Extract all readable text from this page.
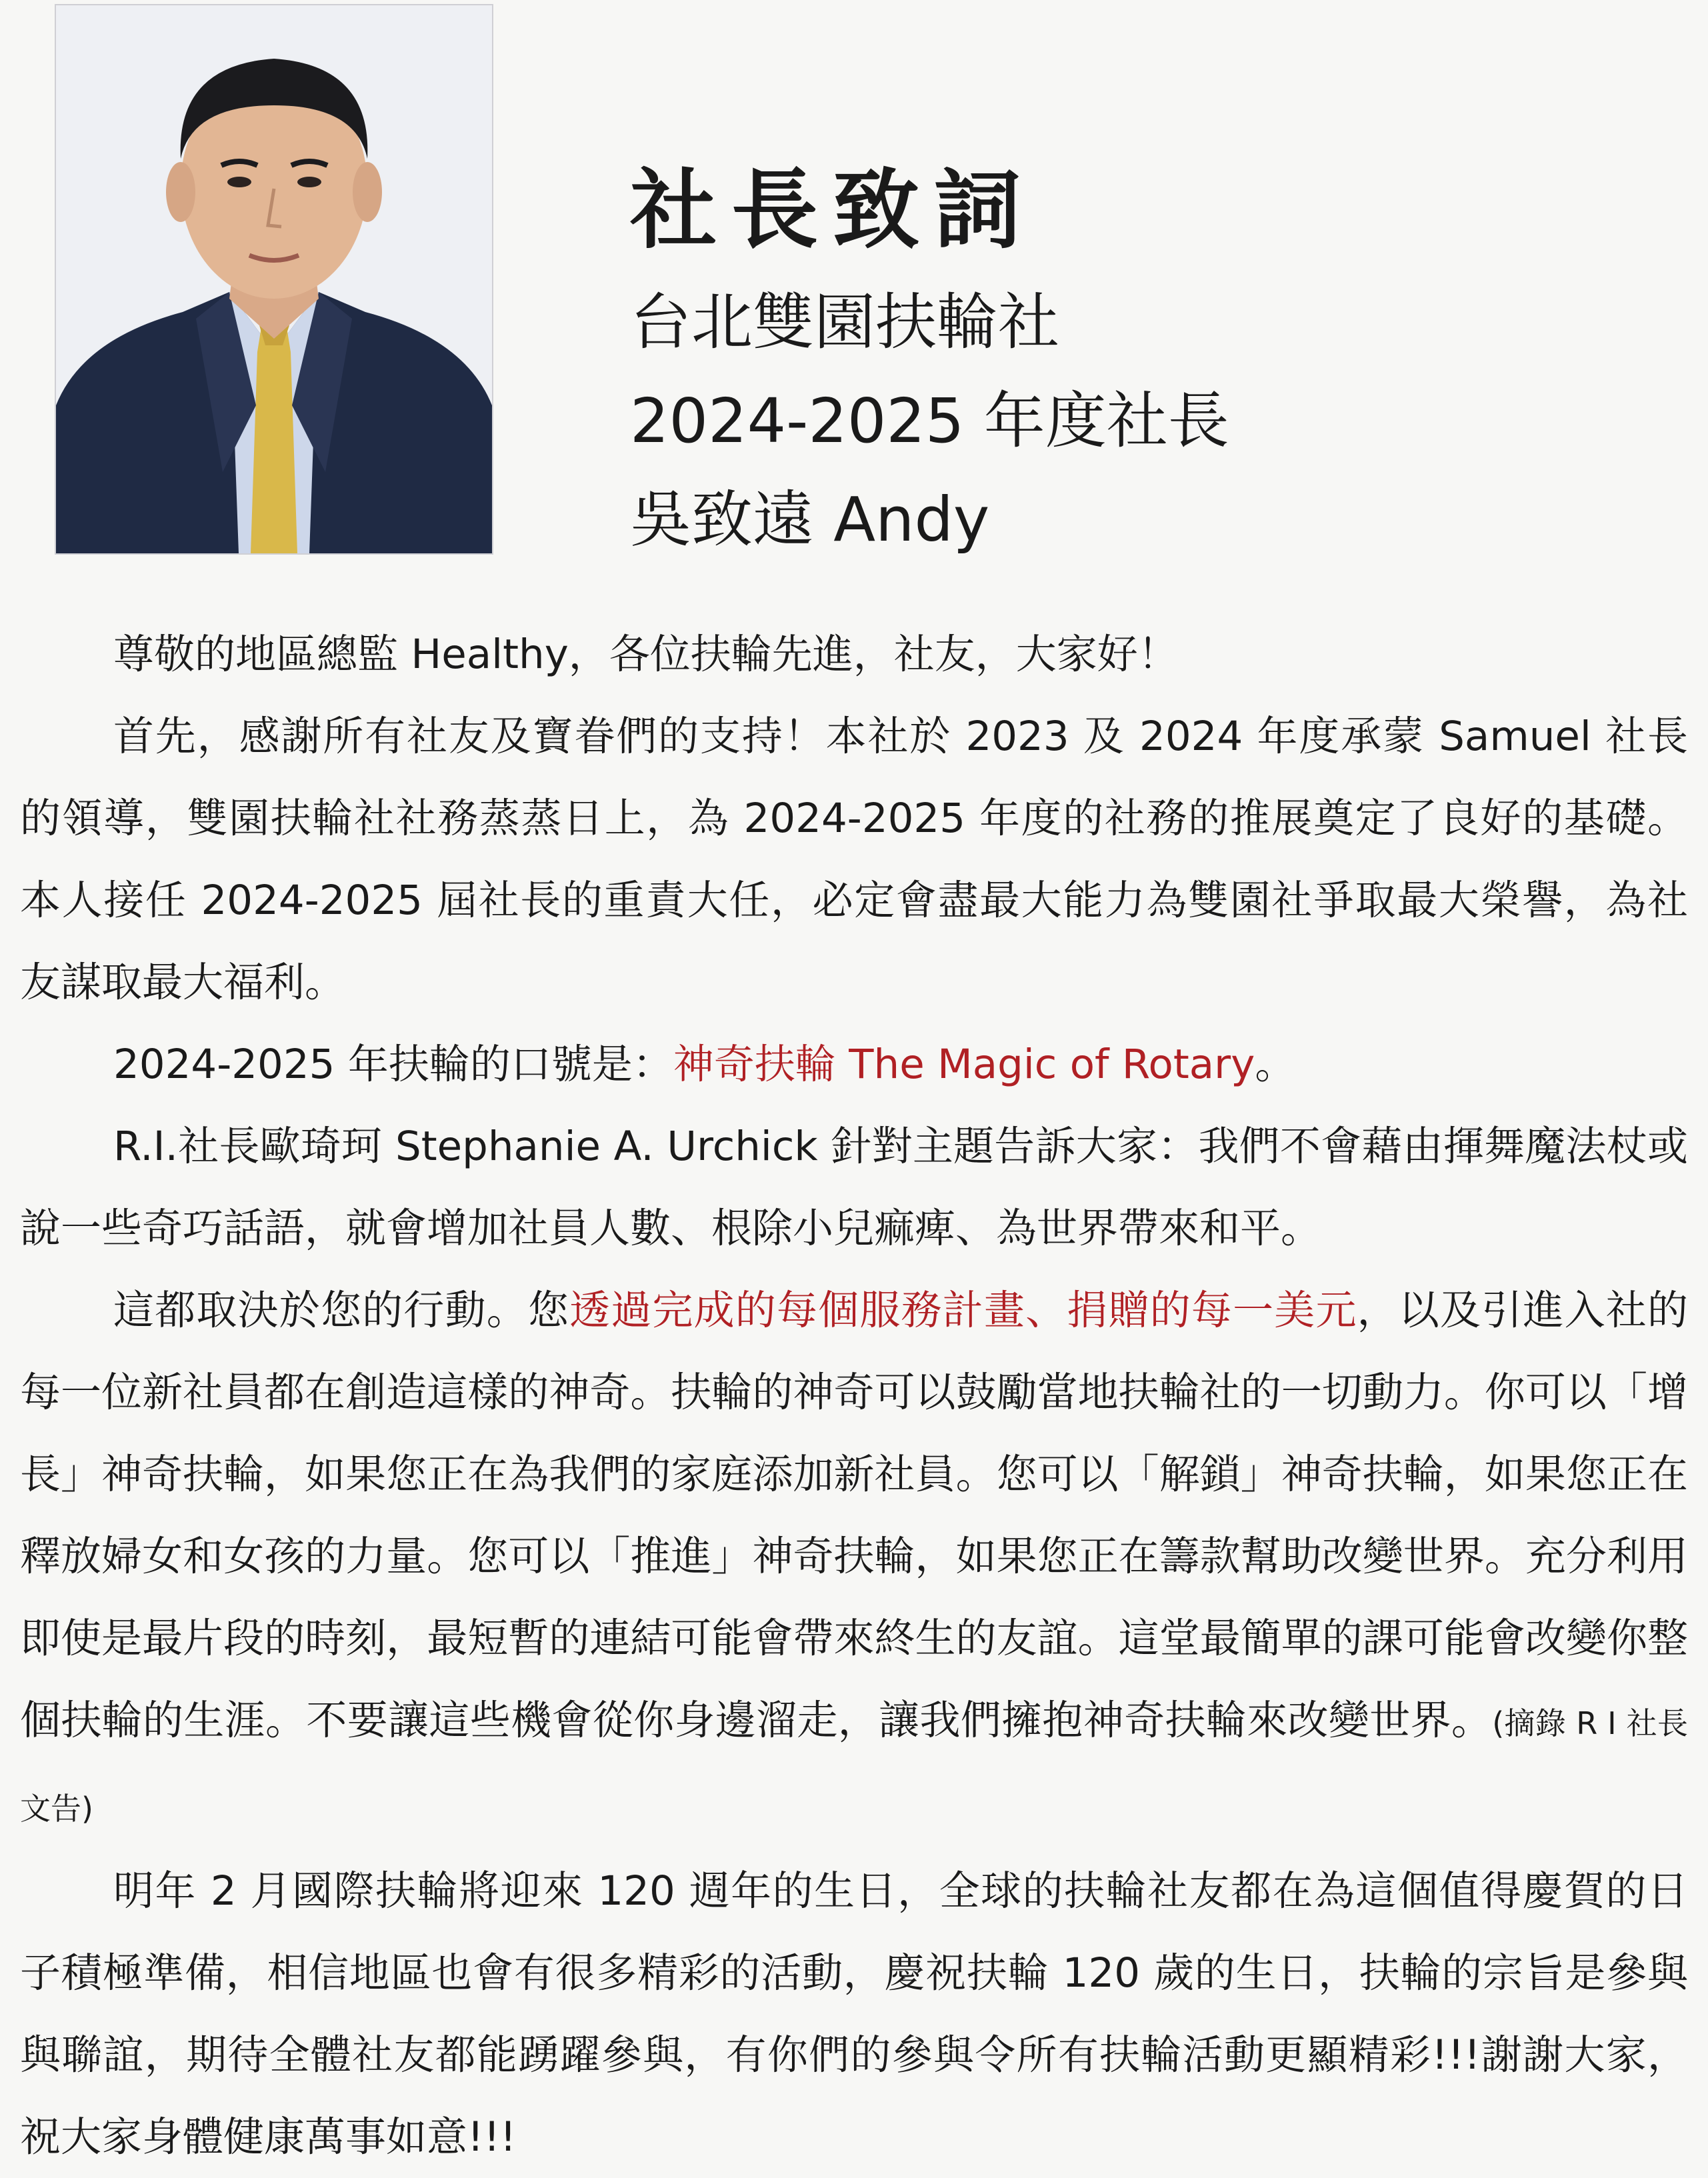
社長致詞

台北雙園扶輪社

2024-2025 年度社長

吳致遠 Andy

尊敬的地區總監 Healthy，各位扶輪先進，社友，大家好！

首先，感謝所有社友及寶眷們的支持！本社於 2023 及 2024 年度承蒙 Samuel 社長的領導，雙園扶輪社社務蒸蒸日上，為 2024-2025 年度的社務的推展奠定了良好的基礎。本人接任 2024-2025 屆社長的重責大任，必定會盡最大能力為雙園社爭取最大榮譽，為社友謀取最大福利。

2024-2025 年扶輪的口號是：神奇扶輪 The Magic of Rotary。

R.I.社長歐琦珂 Stephanie A. Urchick 針對主題告訴大家：我們不會藉由揮舞魔法杖或說一些奇巧話語，就會增加社員人數、根除小兒痲痺、為世界帶來和平。

這都取決於您的行動。您透過完成的每個服務計畫、捐贈的每一美元，以及引進入社的每一位新社員都在創造這樣的神奇。扶輪的神奇可以鼓勵當地扶輪社的一切動力。你可以「增長」神奇扶輪，如果您正在為我們的家庭添加新社員。您可以「解鎖」神奇扶輪，如果您正在釋放婦女和女孩的力量。您可以「推進」神奇扶輪，如果您正在籌款幫助改變世界。充分利用即使是最片段的時刻，最短暫的連結可能會帶來終生的友誼。這堂最簡單的課可能會改變你整個扶輪的生涯。不要讓這些機會從你身邊溜走，讓我們擁抱神奇扶輪來改變世界。(摘錄 R I 社長文告)

明年 2 月國際扶輪將迎來 120 週年的生日，全球的扶輪社友都在為這個值得慶賀的日子積極準備，相信地區也會有很多精彩的活動，慶祝扶輪 120 歲的生日，扶輪的宗旨是參與與聯誼，期待全體社友都能踴躍參與，有你們的參與令所有扶輪活動更顯精彩!!!謝謝大家，祝大家身體健康萬事如意!!!
